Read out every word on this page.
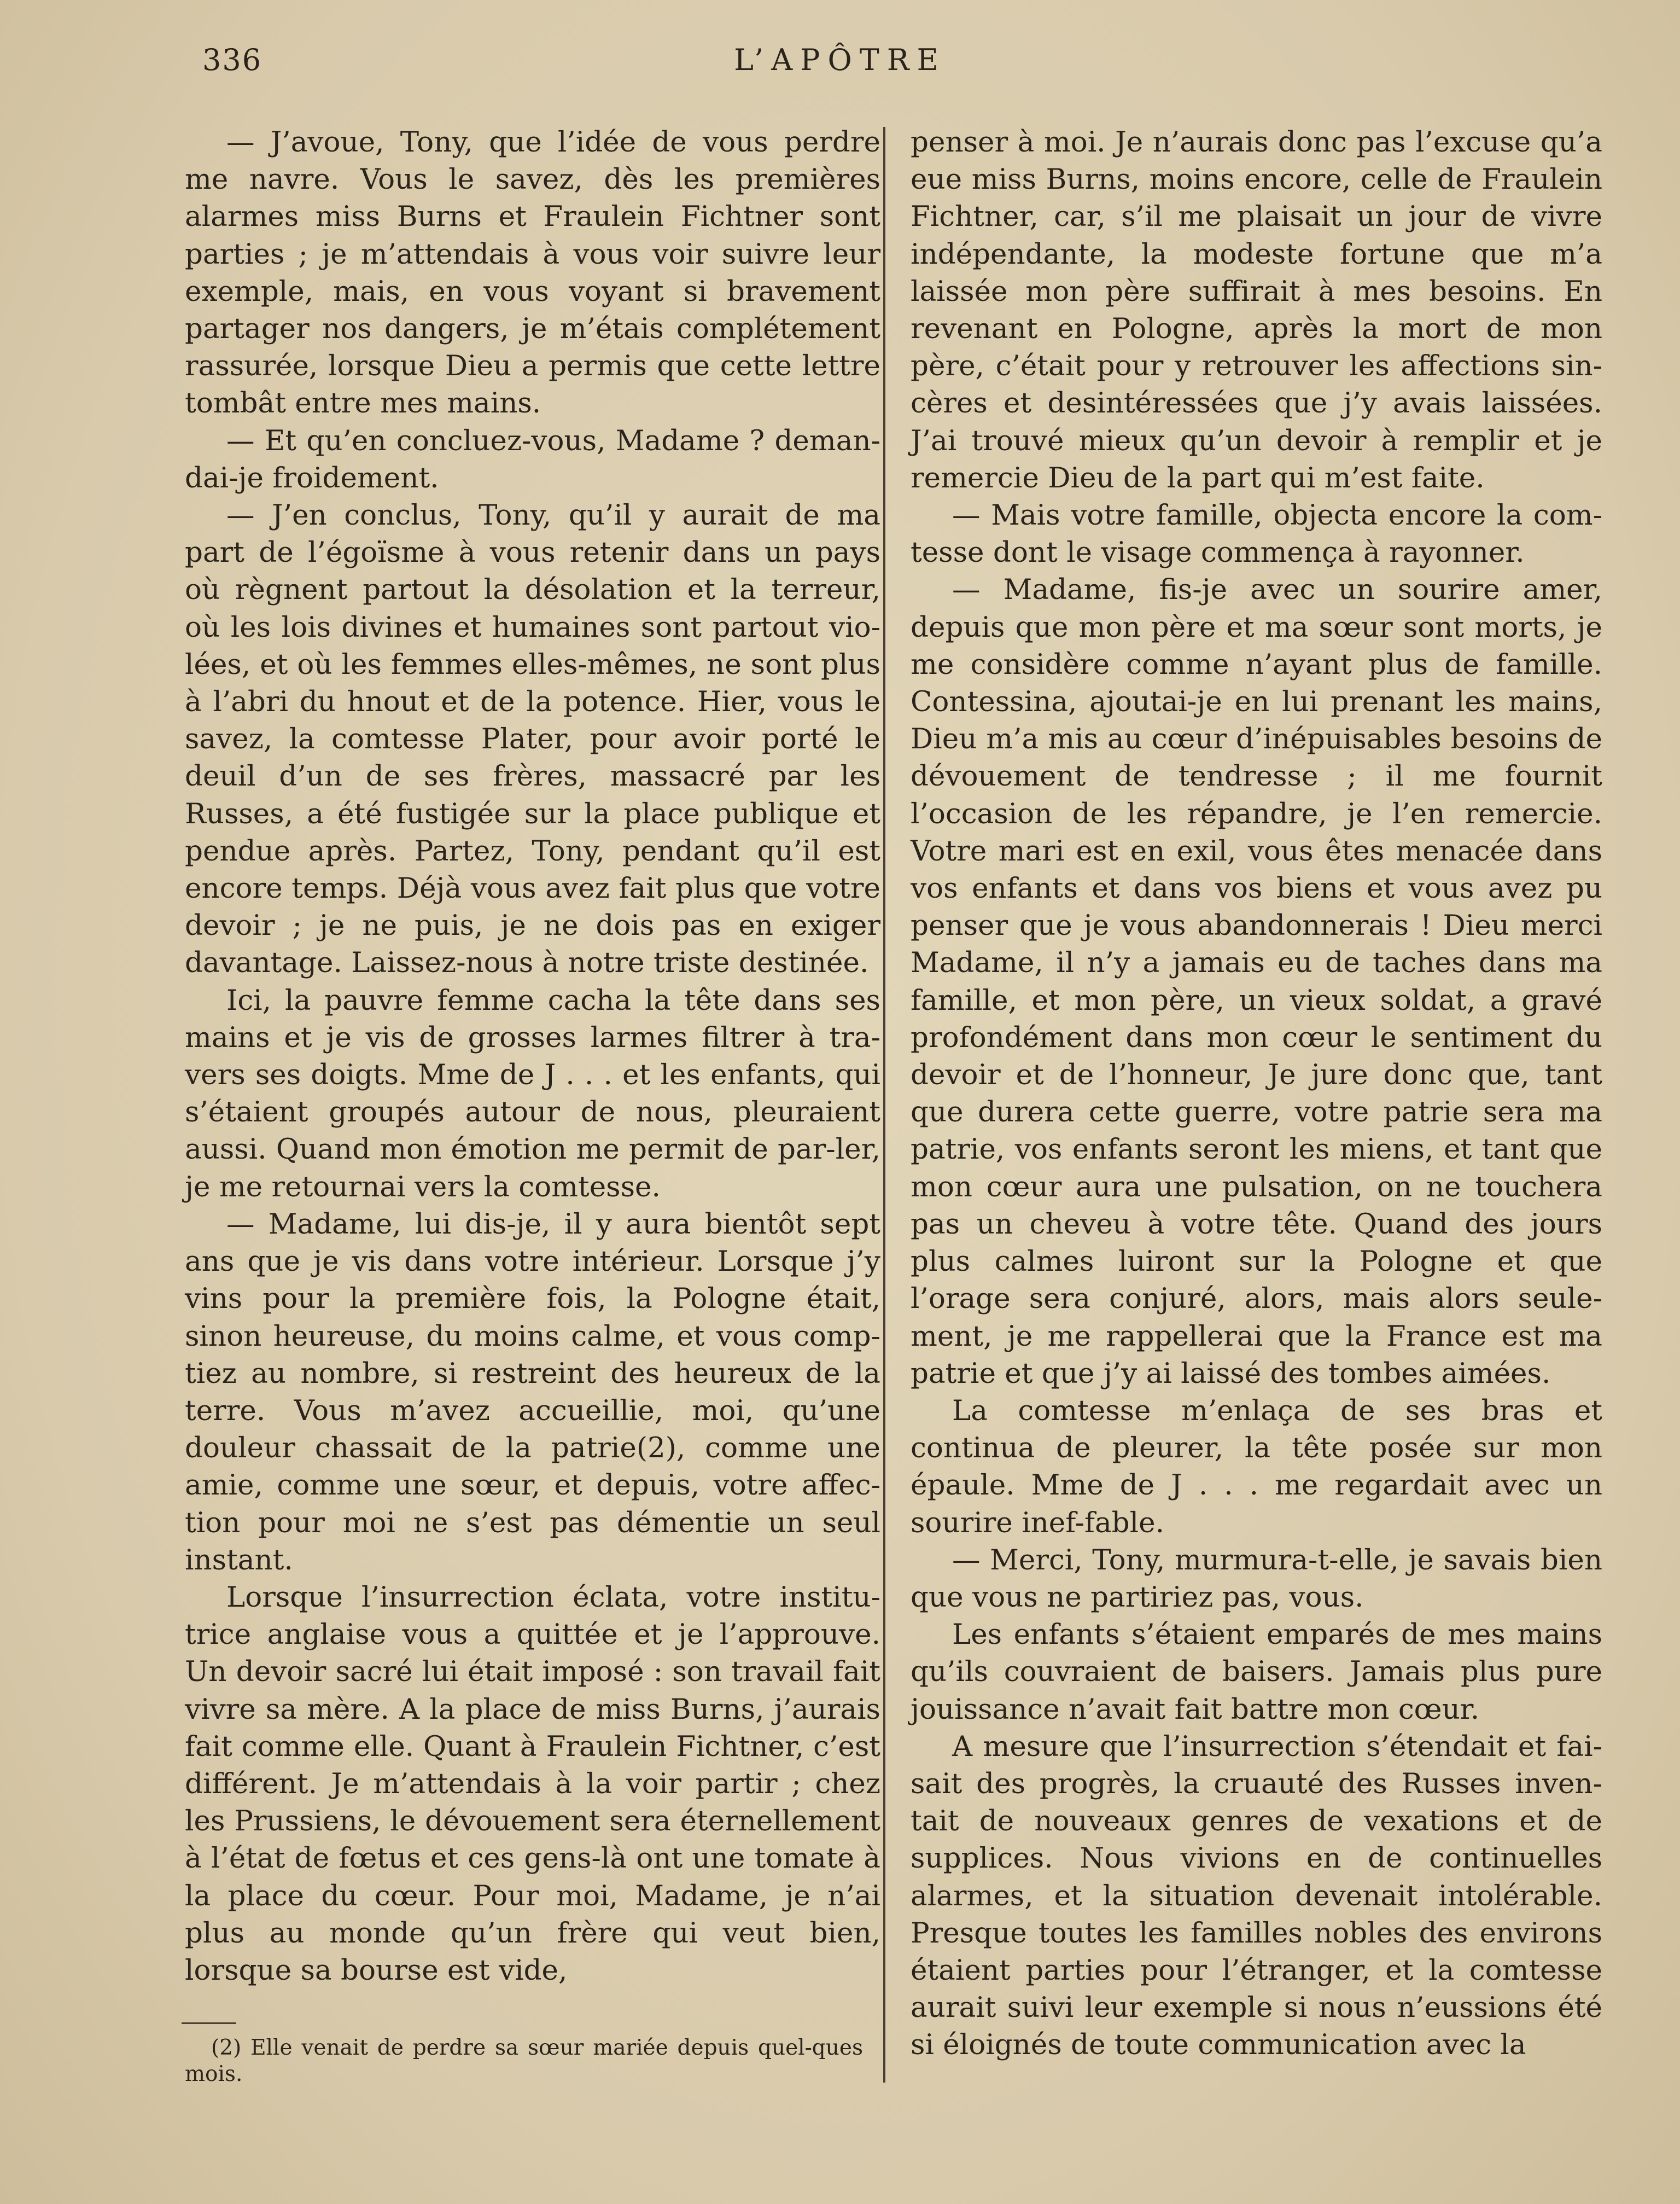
336	L’APÔTRE

— J’avoue, Tony, que l’idée de vous perdre me navre. Vous le savez, dès les premières alarmes miss Burns et Fraulein Fichtner sont parties ; je m’attendais à vous voir suivre leur exemple, mais, en vous voyant si bravement partager nos dangers, je m’étais complétement rassurée, lorsque Dieu a permis que cette lettre tombât entre mes mains.

— Et qu’en concluez-vous, Madame ? deman-dai-je froidement.

— J’en conclus, Tony, qu’il y aurait de ma part de l’égoïsme à vous retenir dans un pays où règnent partout la désolation et la terreur, où les lois divines et humaines sont partout vio-lées, et où les femmes elles-mêmes, ne sont plus à l’abri du hnout et de la potence. Hier, vous le savez, la comtesse Plater, pour avoir porté le deuil d’un de ses frères, massacré par les Russes, a été fustigée sur la place publique et pendue après. Partez, Tony, pendant qu’il est encore temps. Déjà vous avez fait plus que votre devoir ; je ne puis, je ne dois pas en exiger davantage. Laissez-nous à notre triste destinée.

Ici, la pauvre femme cacha la tête dans ses mains et je vis de grosses larmes filtrer à tra-vers ses doigts. Mme de J . . . et les enfants, qui s’étaient groupés autour de nous, pleuraient aussi. Quand mon émotion me permit de par-ler, je me retournai vers la comtesse.

— Madame, lui dis-je, il y aura bientôt sept ans que je vis dans votre intérieur. Lorsque j’y vins pour la première fois, la Pologne était, sinon heureuse, du moins calme, et vous comp-tiez au nombre, si restreint des heureux de la terre. Vous m’avez accueillie, moi, qu’une douleur chassait de la patrie(2), comme une amie, comme une sœur, et depuis, votre affec-tion pour moi ne s’est pas démentie un seul instant.

Lorsque l’insurrection éclata, votre institu-trice anglaise vous a quittée et je l’approuve. Un devoir sacré lui était imposé : son travail fait vivre sa mère. A la place de miss Burns, j’aurais fait comme elle. Quant à Fraulein Fichtner, c’est différent. Je m’attendais à la voir partir ; chez les Prussiens, le dévouement sera éternellement à l’état de fœtus et ces gens-là ont une tomate à la place du cœur. Pour moi, Madame, je n’ai plus au monde qu’un frère qui veut bien, lorsque sa bourse est vide,

penser à moi. Je n’aurais donc pas l’excuse qu’a eue miss Burns, moins encore, celle de Fraulein Fichtner, car, s’il me plaisait un jour de vivre indépendante, la modeste fortune que m’a laissée mon père suffirait à mes besoins. En revenant en Pologne, après la mort de mon père, c’était pour y retrouver les affections sin-cères et desintéressées que j’y avais laissées. J’ai trouvé mieux qu’un devoir à remplir et je remercie Dieu de la part qui m’est faite.

— Mais votre famille, objecta encore la com-tesse dont le visage commença à rayonner.

— Madame, fis-je avec un sourire amer, depuis que mon père et ma sœur sont morts, je me considère comme n’ayant plus de famille. Contessina, ajoutai-je en lui prenant les mains, Dieu m’a mis au cœur d’inépuisables besoins de dévouement de tendresse ; il me fournit l’occasion de les répandre, je l’en remercie. Votre mari est en exil, vous êtes menacée dans vos enfants et dans vos biens et vous avez pu penser que je vous abandonnerais ! Dieu merci Madame, il n’y a jamais eu de taches dans ma famille, et mon père, un vieux soldat, a gravé profondément dans mon cœur le sentiment du devoir et de l’honneur, Je jure donc que, tant que durera cette guerre, votre patrie sera ma patrie, vos enfants seront les miens, et tant que mon cœur aura une pulsation, on ne touchera pas un cheveu à votre tête. Quand des jours plus calmes luiront sur la Pologne et que l’orage sera conjuré, alors, mais alors seule-ment, je me rappellerai que la France est ma patrie et que j’y ai laissé des tombes aimées.

La comtesse m’enlaça de ses bras et continua de pleurer, la tête posée sur mon épaule. Mme de J . . . me regardait avec un sourire inef-fable.

— Merci, Tony, murmura-t-elle, je savais bien que vous ne partiriez pas, vous.

Les enfants s’étaient emparés de mes mains qu’ils couvraient de baisers. Jamais plus pure jouissance n’avait fait battre mon cœur.

A mesure que l’insurrection s’étendait et fai-sait des progrès, la cruauté des Russes inven-tait de nouveaux genres de vexations et de supplices. Nous vivions en de continuelles alarmes, et la situation devenait intolérable. Presque toutes les familles nobles des environs étaient parties pour l’étranger, et la comtesse aurait suivi leur exemple si nous n’eussions été si éloignés de toute communication avec la

(2) Elle venait de perdre sa sœur mariée depuis quel-ques mois.
